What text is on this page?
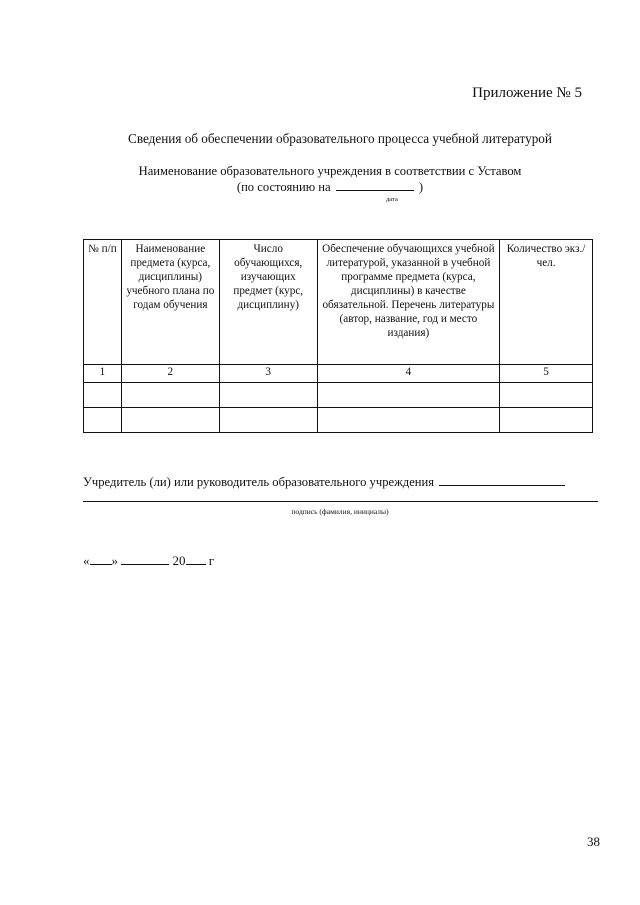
Приложение № 5
Сведения об обеспечении образовательного процесса учебной литературой
Наименование образовательного учреждения в соответствии с Уставом
(по состоянию на	)
дата
№ п/п	Наименование предмета (курса, дисциплины) учебного плана по годам обучения	Число обучающихся, изучающих предмет (курс, дисциплину)	Обеспечение обучающихся учебной литературой, указанной в учебной программе предмета (курса, дисциплины) в качестве обязательной. Перечень литературы (автор, название, год и место издания)	Количество экз./чел.
1	2	3	4	5

Учредитель (ли) или руководитель образовательного учреждения
подпись (фамилия, инициалы)
« »	20 г
38
